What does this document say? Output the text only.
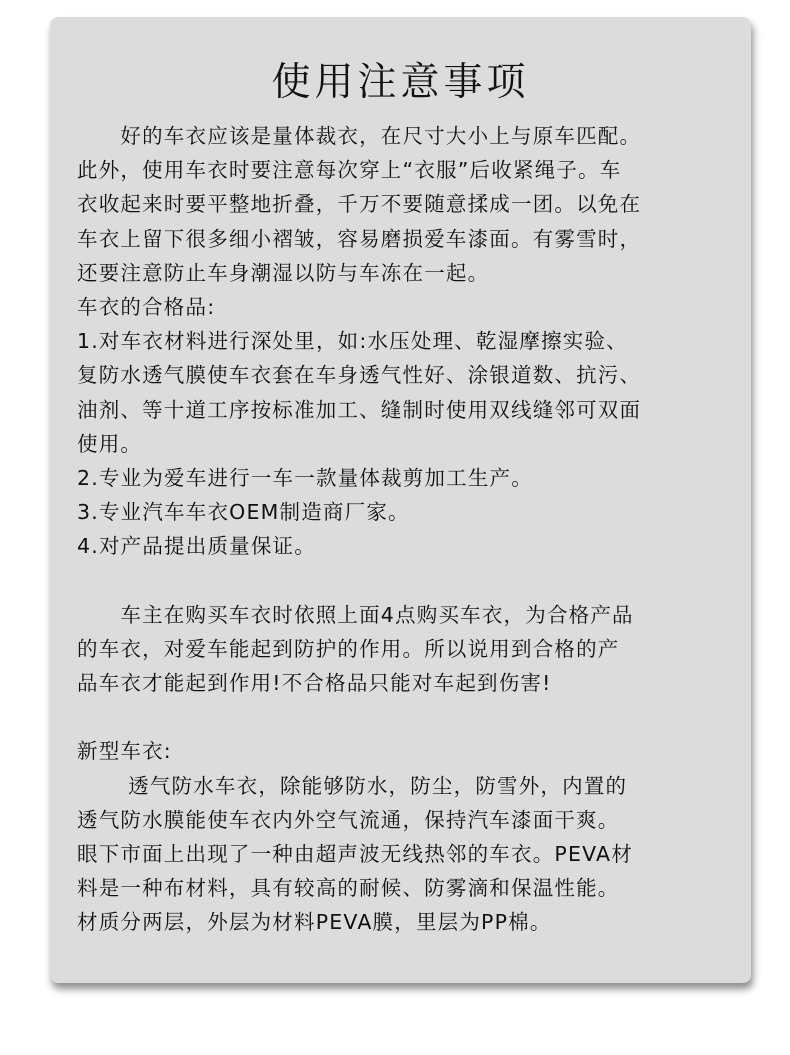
使用注意事项
　　好的车衣应该是量体裁衣，在尺寸大小上与原车匹配。
此外，使用车衣时要注意每次穿上“衣服”后收紧绳子。车
衣收起来时要平整地折叠，千万不要随意揉成一团。以免在
车衣上留下很多细小褶皱，容易磨损爱车漆面。有雾雪时，
还要注意防止车身潮湿以防与车冻在一起。
车衣的合格品:
1.对车衣材料进行深处里，如:水压处理、乾湿摩擦实验、
复防水透气膜使车衣套在车身透气性好、涂银道数、抗污、
油剂、等十道工序按标准加工、缝制时使用双线缝邻可双面
使用。
2.专业为爱车进行一车一款量体裁剪加工生产。
3.专业汽车车衣OEM制造商厂家。
4.对产品提出质量保证。
　　车主在购买车衣时依照上面4点购买车衣，为合格产品
的车衣，对爱车能起到防护的作用。所以说用到合格的产
品车衣才能起到作用!不合格品只能对车起到伤害!
新型车衣:
　　 透气防水车衣，除能够防水，防尘，防雪外，内置的
透气防水膜能使车衣内外空气流通，保持汽车漆面干爽。
眼下市面上出现了一种由超声波无线热邻的车衣。PEVA材
料是一种布材料，具有较高的耐候、防雾滴和保温性能。
材质分两层，外层为材料PEVA膜，里层为PP棉。
